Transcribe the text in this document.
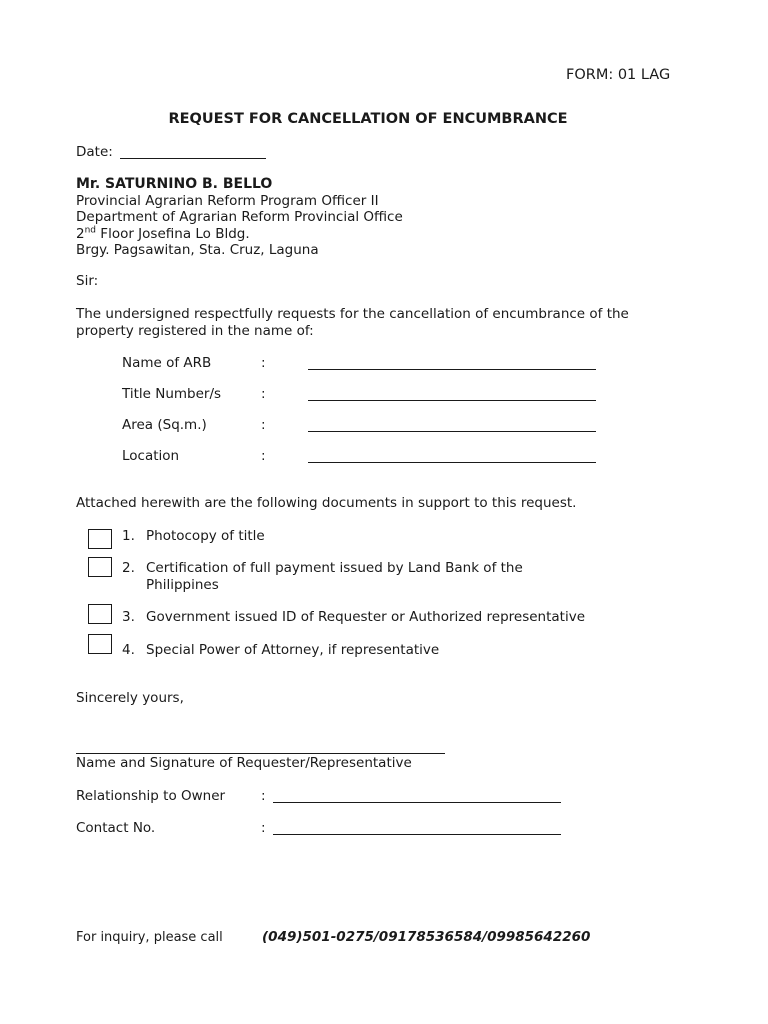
FORM: 01 LAG
REQUEST FOR CANCELLATION OF ENCUMBRANCE
Date:
Mr. SATURNINO B. BELLO
Provincial Agrarian Reform Program Officer II
Department of Agrarian Reform Provincial Office
2nd Floor Josefina Lo Bldg.
Brgy. Pagsawitan, Sta. Cruz, Laguna
Sir:
The undersigned respectfully requests for the cancellation of encumbrance of the property registered in the name of:
Name of ARB	:
Title Number/s	:
Area (Sq.m.)	:
Location	:
Attached herewith are the following documents in support to this request.
1. Photocopy of title
2. Certification of full payment issued by Land Bank of the
Philippines
3. Government issued ID of Requester or Authorized representative
4. Special Power of Attorney, if representative
Sincerely yours,
Name and Signature of Requester/Representative
Relationship to Owner	:
Contact No.	:
For inquiry, please call	(049)501-0275/09178536584/09985642260
